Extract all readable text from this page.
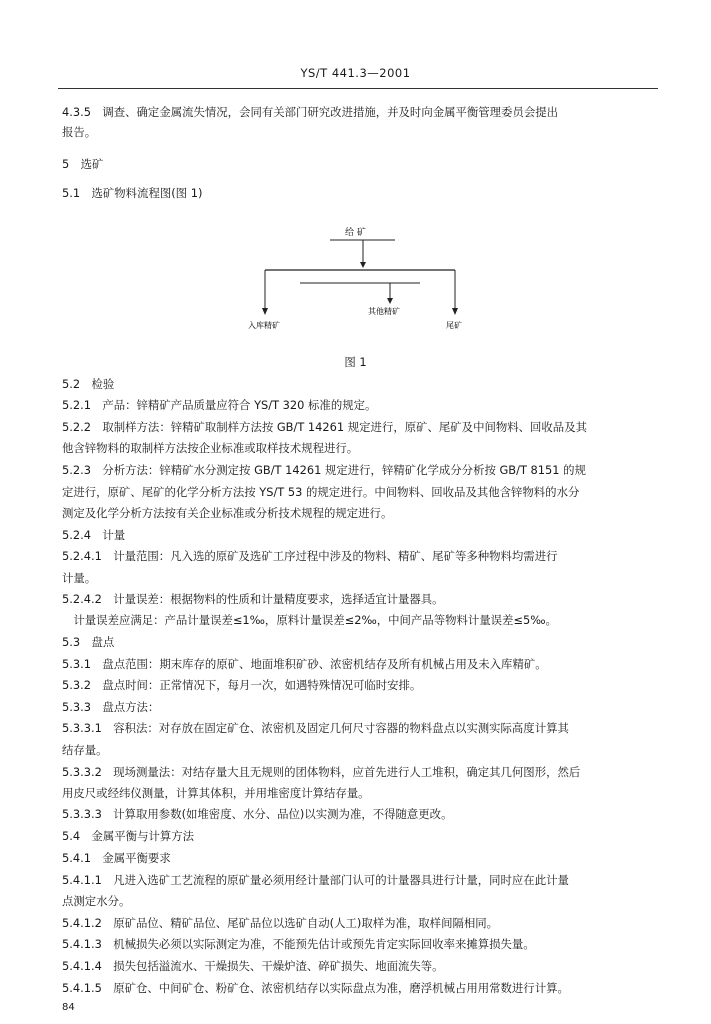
YS/T 441.3—2001
4.3.5　调查、确定金属流失情况，会同有关部门研究改进措施，并及时向金属平衡管理委员会提出
报告。
5　选矿
5.1　选矿物料流程图(图 1)
给 矿
其他精矿
入库精矿	尾矿
图 1
5.2　检验
5.2.1　产品：锌精矿产品质量应符合 YS/T 320 标准的规定。
5.2.2　取制样方法：锌精矿取制样方法按 GB/T 14261 规定进行，原矿、尾矿及中间物料、回收品及其
他含锌物料的取制样方法按企业标准或取样技术规程进行。
5.2.3　分析方法：锌精矿水分测定按 GB/T 14261 规定进行，锌精矿化学成分分析按 GB/T 8151 的规
定进行，原矿、尾矿的化学分析方法按 YS/T 53 的规定进行。中间物料、回收品及其他含锌物料的水分
测定及化学分析方法按有关企业标准或分析技术规程的规定进行。
5.2.4　计量
5.2.4.1　计量范围：凡入选的原矿及选矿工序过程中涉及的物料、精矿、尾矿等多种物料均需进行
计量。
5.2.4.2　计量误差：根据物料的性质和计量精度要求，选择适宜计量器具。
　计量误差应满足：产品计量误差≤1‰，原料计量误差≤2‰，中间产品等物料计量误差≤5‰。
5.3　盘点
5.3.1　盘点范围：期末库存的原矿、地面堆积矿砂、浓密机结存及所有机械占用及未入库精矿。
5.3.2　盘点时间：正常情况下，每月一次，如遇特殊情况可临时安排。
5.3.3　盘点方法：
5.3.3.1　容积法：对存放在固定矿仓、浓密机及固定几何尺寸容器的物料盘点以实测实际高度计算其
结存量。
5.3.3.2　现场测量法：对结存量大且无规则的团体物料，应首先进行人工堆积，确定其几何图形，然后
用皮尺或经纬仪测量，计算其体积，并用堆密度计算结存量。
5.3.3.3　计算取用参数(如堆密度、水分、品位)以实测为准，不得随意更改。
5.4　金属平衡与计算方法
5.4.1　金属平衡要求
5.4.1.1　凡进入选矿工艺流程的原矿量必须用经计量部门认可的计量器具进行计量，同时应在此计量
点测定水分。
5.4.1.2　原矿品位、精矿品位、尾矿品位以选矿自动(人工)取样为准，取样间隔相同。
5.4.1.3　机械损失必须以实际测定为准，不能预先估计或预先肯定实际回收率来摊算损失量。
5.4.1.4　损失包括溢流水、干燥损失、干燥炉渣、碎矿损失、地面流失等。
5.4.1.5　原矿仓、中间矿仓、粉矿仓、浓密机结存以实际盘点为准，磨浮机械占用用常数进行计算。
84
